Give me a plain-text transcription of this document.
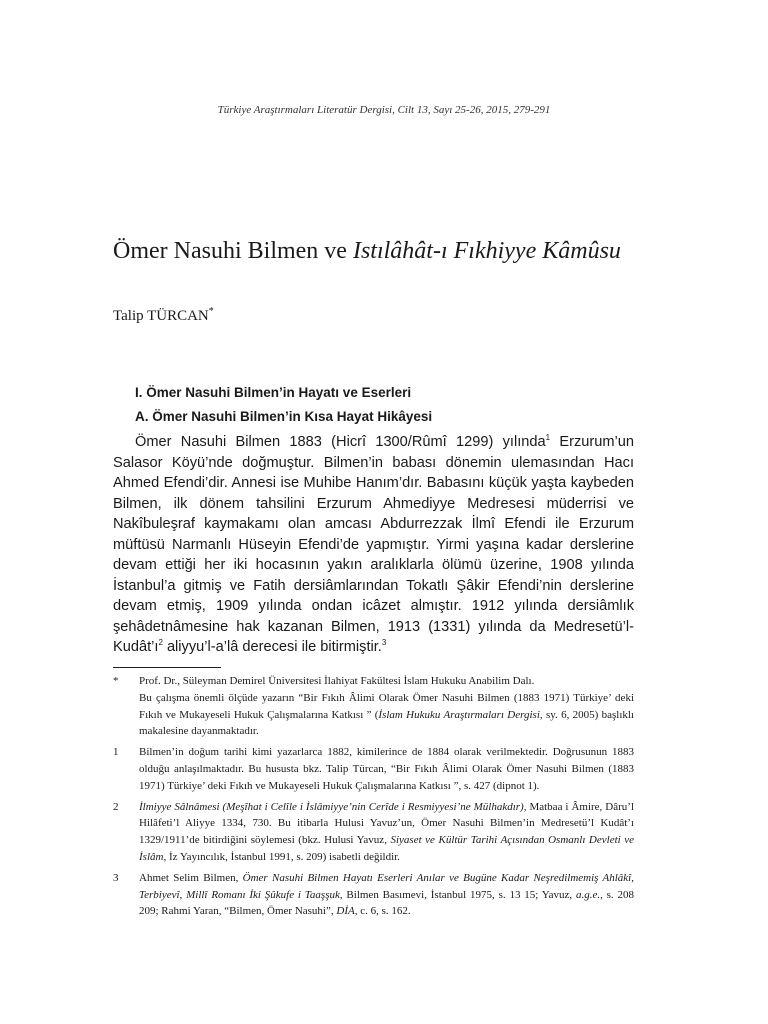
Türkiye Araştırmaları Literatür Dergisi, Cilt 13, Sayı 25-26, 2015, 279-291
Ömer Nasuhi Bilmen ve Istılâhât-ı Fıkhiyye Kâmûsu
Talip TÜRCAN*
I. Ömer Nasuhi Bilmen’in Hayatı ve Eserleri
A. Ömer Nasuhi Bilmen’in Kısa Hayat Hikâyesi

Ömer Nasuhi Bilmen 1883 (Hicrî 1300/Rûmî 1299) yılında$^1$ Erzurum’un Salasor Köyü’nde doğmuştur. Bilmen’in babası dönemin ulemasından Hacı Ahmed Efendi’dir. Annesi ise Muhibe Hanım’dır. Babasını küçük yaşta kaybeden Bilmen, ilk dönem tahsilini Erzurum Ahmediyye Medresesi müderrisi ve Nakîbuleşraf kaymakamı olan amcası Abdurrezzak İlmî Efendi ile Erzurum müftüsü Narmanlı Hüseyin Efendi’de yapmıştır. Yirmi yaşına kadar derslerine devam ettiği her iki hocasının yakın aralıklarla ölümü üzerine, 1908 yılında İstanbul’a gitmiş ve Fatih dersiâmlarından Tokatlı Şâkir Efendi’nin derslerine devam etmiş, 1909 yılında ondan icâzet almıştır. 1912 yılında dersiâmlık şehâdetnâmesine hak kazanan Bilmen, 1913 (1331) yılında da $Medresetü’l-Kudât’ı^2$ aliyyu’l-a’lâ derecesi ile bitirmiştir.$^3$

*	Prof. Dr., Süleyman Demirel Üniversitesi İlahiyat Fakültesi İslam Hukuku Anabilim Dalı.
Bu çalışma önemli ölçüde yazarın “Bir Fıkıh Âlimi Olarak Ömer Nasuhi Bilmen (1883 1971) Türkiye’ deki Fıkıh ve Mukayeseli Hukuk Çalışmalarına Katkısı ” (İslam Hukuku Araştırmaları Dergisi, sy. 6, 2005) başlıklı makalesine dayanmaktadır.
1	Bilmen’in doğum tarihi kimi yazarlarca 1882, kimilerince de 1884 olarak verilmektedir. Doğrusunun 1883 olduğu anlaşılmaktadır. Bu hususta bkz. Talip Türcan, “Bir Fıkıh Âlimi Olarak Ömer Nasuhi Bilmen (1883 1971) Türkiye’ deki Fıkıh ve Mukayeseli Hukuk Çalışmalarına Katkısı ”, s. 427 (dipnot 1).
2	İlmiyye Sâlnâmesi (Meşîhat i Celîle i İslâmiyye’nin Cerîde i Resmiyyesi’ne Mülhakdır), Matbaa i Âmire, Dâru’l Hilâfeti’l Aliyye 1334, 730. Bu itibarla Hulusi Yavuz’un, Ömer Nasuhi Bilmen’in Medresetü’l Kudât’ı 1329/1911’de bitirdiğini söylemesi (bkz. Hulusi Yavuz, Siyaset ve Kültür Tarihi Açısından Osmanlı Devleti ve İslâm, İz Yayıncılık, İstanbul 1991, s. 209) isabetli değildir.
3	Ahmet Selim Bilmen, Ömer Nasuhi Bilmen Hayatı Eserleri Anılar ve Bugüne Kadar Neşredilmemiş Ahlâkî, Terbiyevî, Millî Romanı İki Şûkufe i Taaşşuk, Bilmen Basımevi, İstanbul 1975, s. 13 15; Yavuz, a.g.e., s. 208 209; Rahmi Yaran, “Bilmen, Ömer Nasuhi”, DİA, c. 6, s. 162.
